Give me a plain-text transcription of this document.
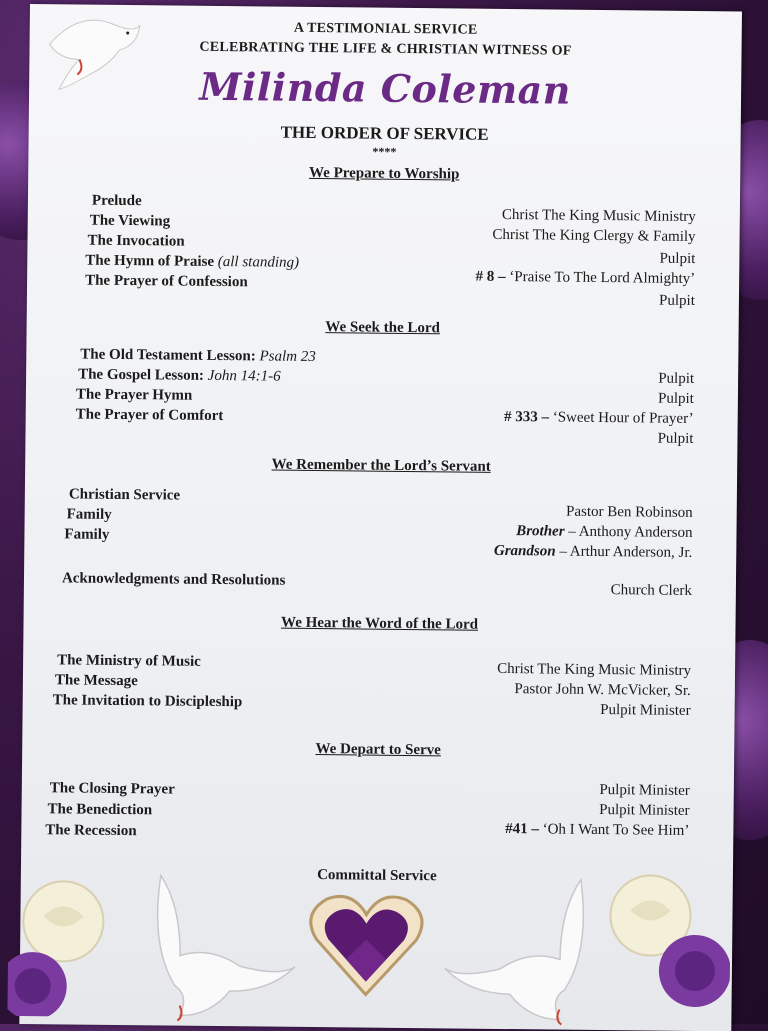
A TESTIMONIAL SERVICE
CELEBRATING THE LIFE & CHRISTIAN WITNESS OF
Milinda Coleman
THE ORDER OF SERVICE
****
We Prepare to Worship
Prelude
The Viewing
The Invocation
The Hymn of Praise (all standing)
The Prayer of Confession
Christ The King Music Ministry
Christ The King Clergy & Family
Pulpit
# 8 – ‘Praise To The Lord Almighty’
Pulpit
We Seek the Lord
The Old Testament Lesson: Psalm 23
The Gospel Lesson: John 14:1-6
The Prayer Hymn
The Prayer of Comfort
Pulpit
Pulpit
# 333 – ‘Sweet Hour of Prayer’
Pulpit
We Remember the Lord’s Servant
Christian Service
Family
Family
Acknowledgments and Resolutions
Pastor Ben Robinson
Brother – Anthony Anderson
Grandson – Arthur Anderson, Jr.
Church Clerk
We Hear the Word of the Lord
The Ministry of Music
The Message
The Invitation to Discipleship
Christ The King Music Ministry
Pastor John W. McVicker, Sr.
Pulpit Minister
We Depart to Serve
The Closing Prayer
The Benediction
The Recession
Pulpit Minister
Pulpit Minister
#41 – ‘Oh I Want To See Him’
Committal Service
